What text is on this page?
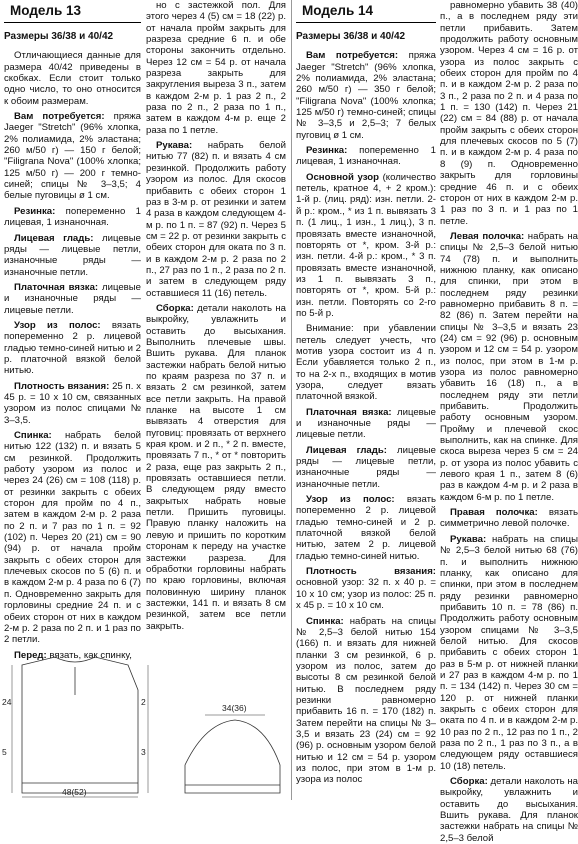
Модель 13
Размеры 36/38 и 40/42
Отличающиеся данные для размера 40/42 приведены в скобках. Если стоит только одно число, то оно относится к обоим размерам.
Вам потребуется: пряжа Jaeger "Stretch" (96% хлопка, 2% полиамида, 2% эластана; 260 м/50 г) — 150 г белой; "Filigrana Nova" (100% хлопка; 125 м/50 г) — 200 г темно-синей; спицы № 3–3,5; 4 белые пуговицы ø 1 см.
Резинка: попеременно 1 лицевая, 1 изнаночная.
Лицевая гладь: лицевые ряды — лицевые петли, изнаночные ряды — изнаночные петли.
Платочная вязка: лицевые и изнаночные ряды — лицевые петли.
Узор из полос: вязать попеременно 2 р. лицевой гладью темно-синей нитью и 2 р. платочной вязкой белой нитью.
Плотность вязания: 25 п. x 45 р. = 10 x 10 см, связанных узором из полос спицами № 3–3,5.
Спинка: набрать белой нитью 122 (132) п. и вязать 5 см резинкой. Продолжить работу узором из полос и через 24 (26) см = 108 (118) р. от резинки закрыть с обеих сторон для пройм по 4 п., затем в каждом 2-м р. 2 раза по 2 п. и 7 раз по 1 п. = 92 (102) п. Через 20 (21) см = 90 (94) р. от начала пройм закрыть с обеих сторон для плечевых скосов по 5 (6) п. и в каждом 2-м р. 4 раза по 6 (7) п. Одновременно закрыть для горловины средние 24 п. и с обеих сторон от них в каждом 2-м р. 2 раза по 2 п. и 1 раз по 2 петли.
Перед: вязать, как спинку,
но с застежкой пол. Для этого через 4 (5) см = 18 (22) р. от начала пройм закрыть для разреза средние 6 п. и обе стороны закончить отдельно. Через 12 см = 54 р. от начала разреза закрыть для закругления выреза 3 п., затем в каждом 2-м р. 1 раз 2 п., 2 раза по 2 п., 2 раза по 1 п., затем в каждом 4-м р. еще 2 раза по 1 петле.
Рукава: набрать белой нитью 77 (82) п. и вязать 4 см резинкой. Продолжить работу узором из полос. Для скосов прибавить с обеих сторон 1 раз в 3-м р. от резинки и затем 4 раза в каждом следующем 4-м р. по 1 п. = 87 (92) п. Через 5 см = 22 р. от резинки закрыть с обеих сторон для оката по 3 п. и в каждом 2-м р. 2 раза по 2 п., 27 раз по 1 п., 2 раза по 2 п. и затем в следующем ряду оставшиеся 11 (16) петель.
Сборка: детали наколоть на выкройку, увлажнить и оставить до высыхания. Выполнить плечевые швы. Вшить рукава. Для планок застежки набрать белой нитью по краям разреза по 37 п. и вязать 2 см резинкой, затем все петли закрыть. На правой планке на высоте 1 см вывязать 4 отверстия для пуговиц: провязать от верхнего края кром. и 2 п., * 2 п. вместе, провязать 7 п., * от * повторить 2 раза, еще раз закрыть 2 п., провязать оставшиеся петли. В следующем ряду вместо закрытых набрать новые петли. Пришить пуговицы. Правую планку наложить на левую и пришить по коротким сторонам к переду на участке застежки разреза. Для обработки горловины набрать по краю горловины, включая половинную ширину планок застежки, 141 п. и вязать 8 см резинкой, затем все петли закрыть.
Модель 14
Размеры 36/38 и 40/42
Вам потребуется: пряжа Jaeger "Stretch" (96% хлопка, 2% полиамида, 2% эластана; 260 м/50 г) — 350 г белой; "Filigrana Nova" (100% хлопка; 125 м/50 г) темно-синей; спицы № 3–3,5 и 2,5–3; 7 белых пуговиц ø 1 см.
Резинка: попеременно 1 лицевая, 1 изнаночная.
Основной узор (количество петель, кратное 4, + 2 кром.): 1-й р. (лиц. ряд): изн. петли. 2-й р.: кром., * из 1 п. вывязать 3 п. (1 лиц., 1 изн., 1 лиц.), 3 п. провязать вместе изнаночной, повторять от *, кром. 3-й р.: изн. петли. 4-й р.: кром., * 3 п. провязать вместе изнаночной, из 1 п. вывязать 3 п., повторять от *, кром. 5-й р.: изн. петли. Повторять со 2-го по 5-й р.
Внимание: при убавлении петель следует учесть, что мотив узора состоит из 4 п. Если убавляется только 2 п., то на 2-х п., входящих в мотив узора, следует вязать платочной вязкой.
Платочная вязка: лицевые и изнаночные ряды — лицевые петли.
Лицевая гладь: лицевые ряды — лицевые петли, изнаночные ряды — изнаночные петли.
Узор из полос: вязать попеременно 2 р. лицевой гладью темно-синей и 2 р. платочной вязкой белой нитью, затем 2 р. лицевой гладью темно-синей нитью.
Плотность вязания: основной узор: 32 п. x 40 р. = 10 x 10 см; узор из полос: 25 п. x 45 р. = 10 x 10 см.
Спинка: набрать на спицы № 2,5–3 белой нитью 154 (166) п. и вязать для нижней планки 3 см резинкой, 6 р. узором из полос, затем до высоты 8 см резинкой белой нитью. В последнем ряду резинки равномерно прибавить 16 п. = 170 (182) п. Затем перейти на спицы № 3–3,5 и вязать 23 (24) см = 92 (96) р. основным узором белой нитью и 12 см = 54 р. узором из полос, при этом в 1-м р. узора из полос
равномерно убавить 38 (40) п., а в последнем ряду эти петли прибавить. Затем продолжить работу основным узором. Через 4 см = 16 р. от узора из полос закрыть с обеих сторон для пройм по 4 п. и в каждом 2-м р. 2 раза по 3 п., 2 раза по 2 п. и 4 раза по 1 п. = 130 (142) п. Через 21 (22) см = 84 (88) р. от начала пройм закрыть с обеих сторон для плечевых скосов по 5 (7) п. и в каждом 2-м р. 4 раза по 8 (9) п. Одновременно закрыть для горловины средние 46 п. и с обеих сторон от них в каждом 2-м р. 1 раз по 3 п. и 1 раз по 1 петле.
Левая полочка: набрать на спицы № 2,5–3 белой нитью 74 (78) п. и выполнить нижнюю планку, как описано для спинки, при этом в последнем ряду резинки равномерно прибавить 8 п. = 82 (86) п. Затем перейти на спицы № 3–3,5 и вязать 23 (24) см = 92 (96) р. основным узором и 12 см = 54 р. узором из полос, при этом в 1-м р. узора из полос равномерно убавить 16 (18) п., а в последнем ряду эти петли прибавить. Продолжить работу основным узором. Пройму и плечевой скос выполнить, как на спинке. Для скоса выреза через 5 см = 24 р. от узора из полос убавить с левого края 1 п., затем 8 (6) раз в каждом 4-м р. и 2 раза в каждом 6-м р. по 1 петле.
Правая полочка: вязать симметрично левой полочке.
Рукава: набрать на спицы № 2,5–3 белой нитью 68 (76) п. и выполнить нижнюю планку, как описано для спинки, при этом в последнем ряду резинки равномерно прибавить 10 п. = 78 (86) п. Продолжить работу основным узором спицами № 3–3,5 белой нитью. Для скосов прибавить с обеих сторон 1 раз в 5-м р. от нижней планки и 27 раз в каждом 4-м р. по 1 п. = 134 (142) п. Через 30 см = 120 р. от нижней планки закрыть с обеих сторон для оката по 4 п. и в каждом 2-м р. 10 раз по 2 п., 12 раз по 1 п., 2 раза по 2 п., 1 раз по 3 п., а в следующем ряду оставшиеся 10 (18) петель.
Сборка: детали наколоть на выкройку, увлажнить и оставить до высыхания. Вшить рукава. Для планок застежки набрать на спицы № 2,5–3 белой
48(52)
34(36)
24
5
2
3
